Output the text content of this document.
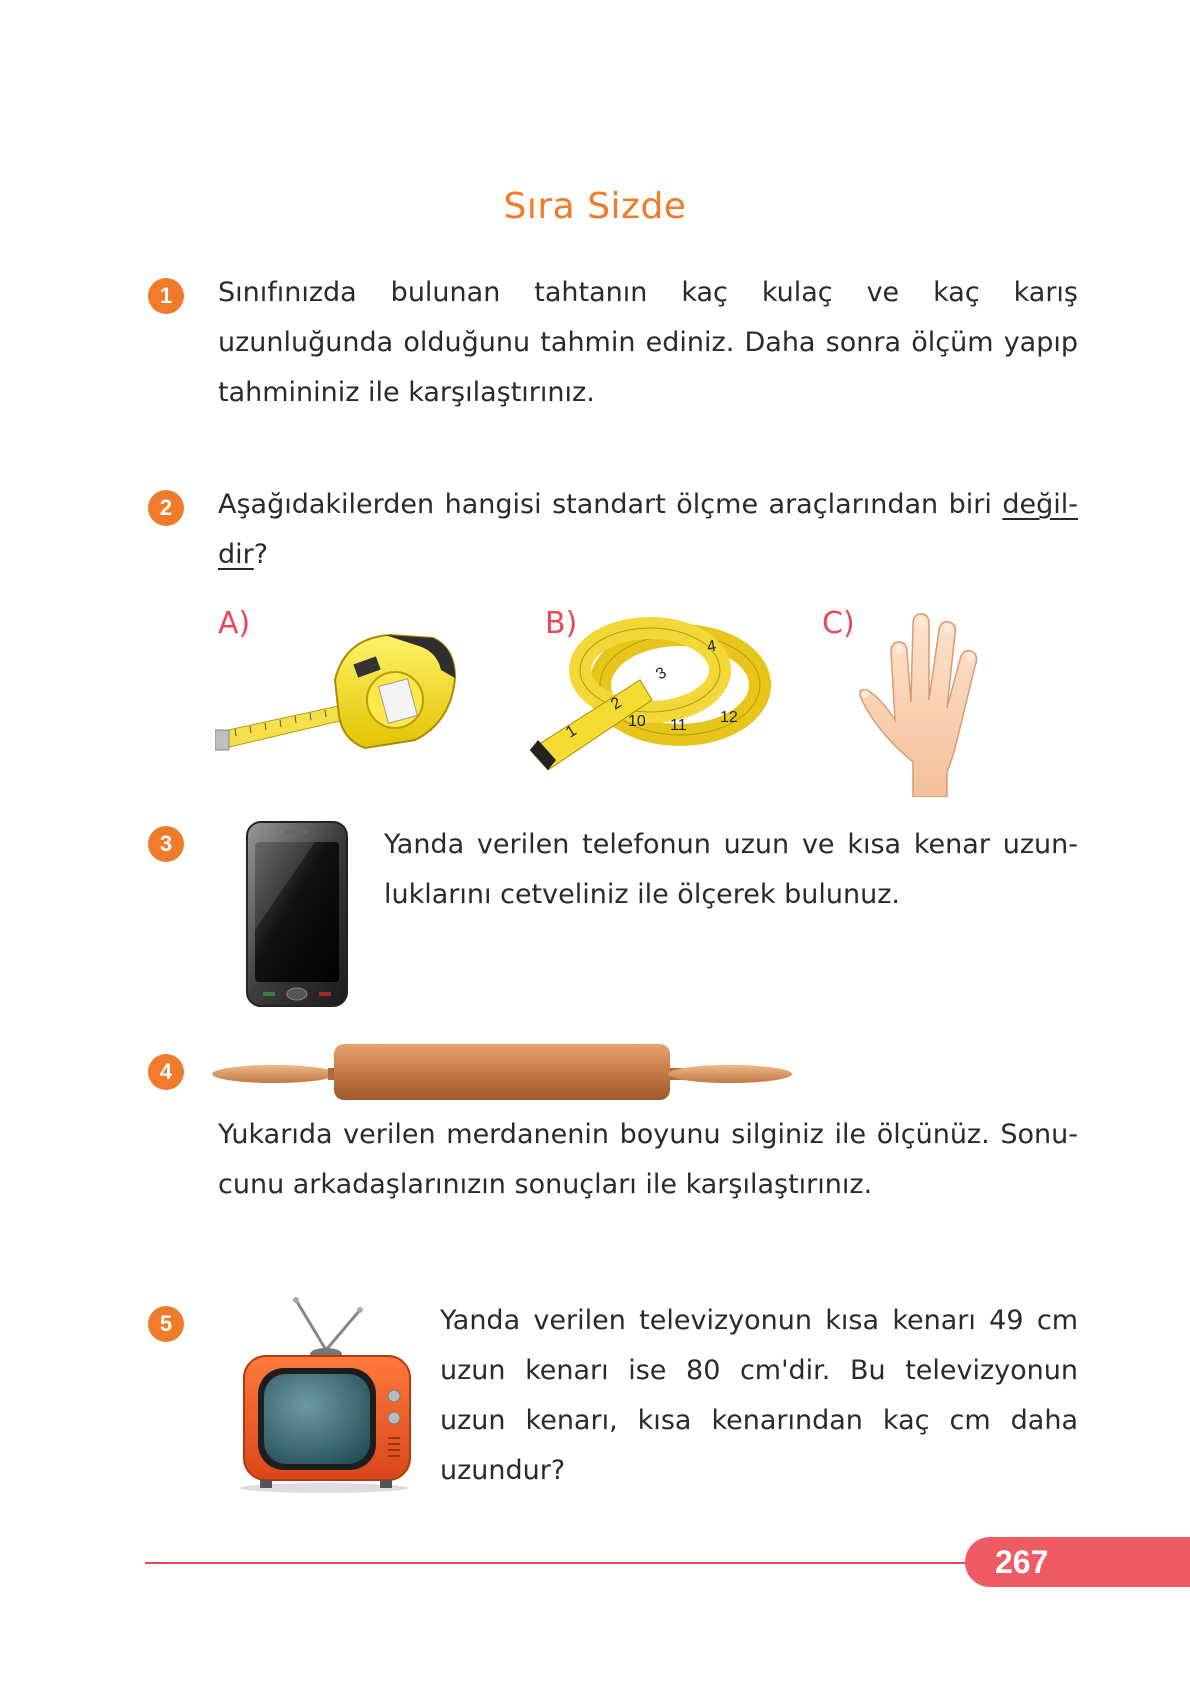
Sıra Sizde
1	Sınıfınızda bulunan tahtanın kaç kulaç ve kaç karış uzunluğunda olduğunu tahmin ediniz. Daha sonra ölçüm yapıp tahmininiz ile karşılaştırınız.
2	Aşağıdakilerden hangisi standart ölçme araçlarından biri değil-dir?
A)	B)	C)
1
2
3
4
10 11 12
3	Yanda verilen telefonun uzun ve kısa kenar uzun-luklarını cetveliniz ile ölçerek bulunuz.
4
Yukarıda verilen merdanenin boyunu silginiz ile ölçünüz. Sonu-cunu arkadaşlarınızın sonuçları ile karşılaştırınız.
5	Yanda verilen televizyonun kısa kenarı 49 cm uzun kenarı ise 80 cm'dir. Bu televizyonun uzun kenarı, kısa kenarından kaç cm daha uzundur?
267
